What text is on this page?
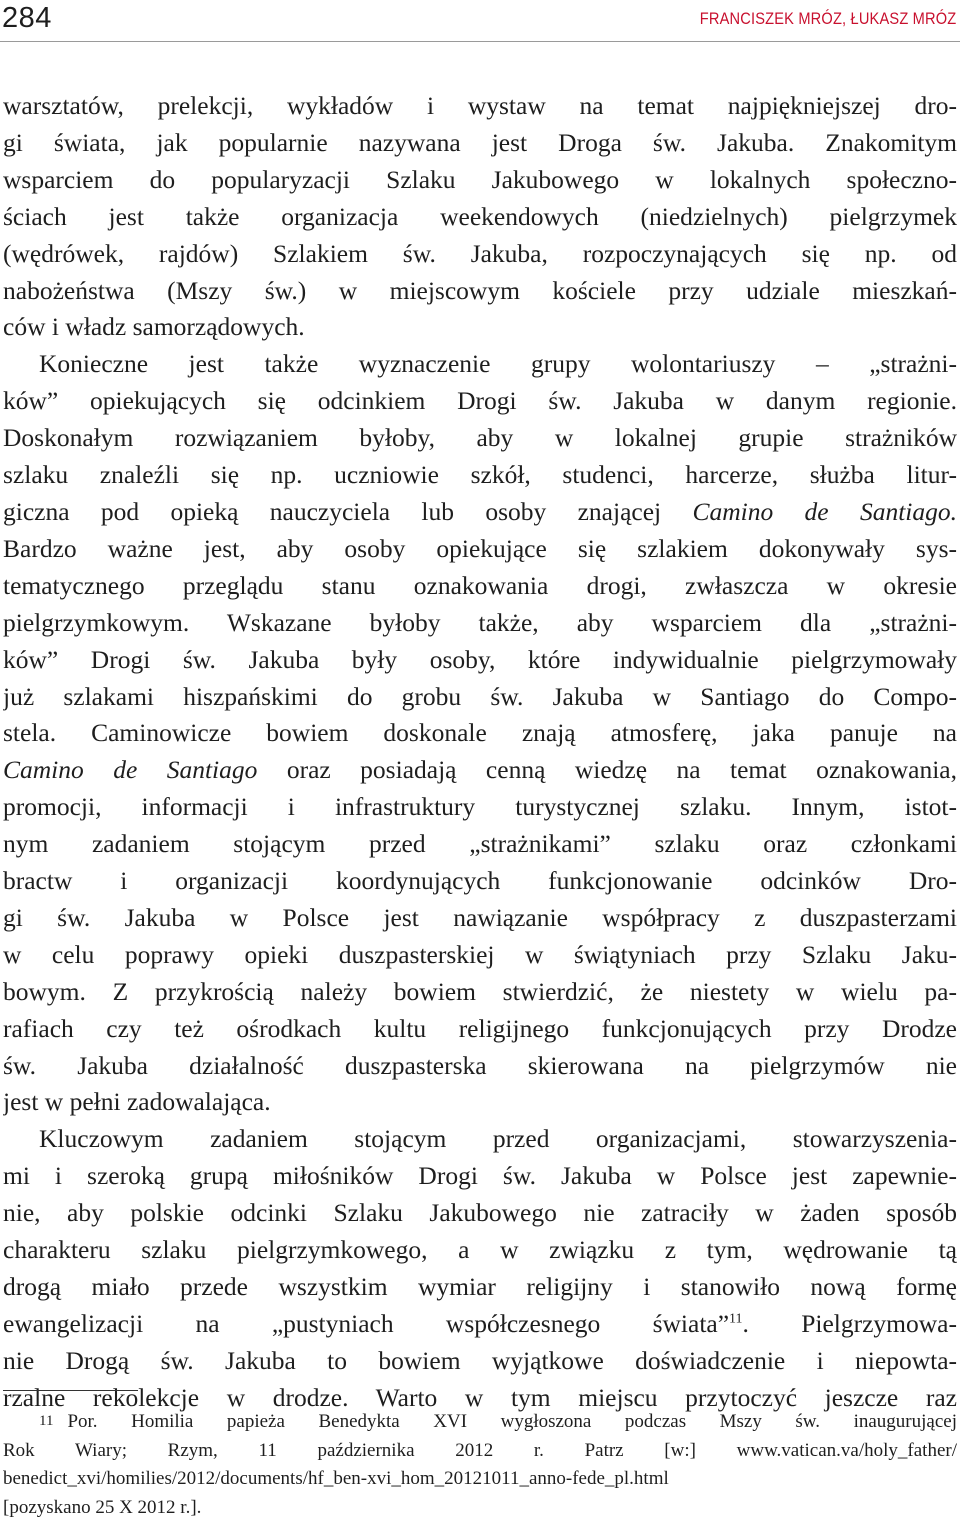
284	FRANCISZEK MRÓZ, ŁUKASZ MRÓZ
warsztatów, prelekcji, wykładów i wystaw na temat najpiękniejszej dro-
gi świata, jak popularnie nazywana jest Droga św. Jakuba. Znakomitym
wsparciem do popularyzacji Szlaku Jakubowego w lokalnych społeczno-
ściach jest także organizacja weekendowych (niedzielnych) pielgrzymek
(wędrówek, rajdów) Szlakiem św. Jakuba, rozpoczynających się np. od
nabożeństwa (Mszy św.) w miejscowym kościele przy udziale mieszkań-
ców i władz samorządowych.
Konieczne jest także wyznaczenie grupy wolontariuszy – „strażni-
ków” opiekujących się odcinkiem Drogi św. Jakuba w danym regionie.
Doskonałym rozwiązaniem byłoby, aby w lokalnej grupie strażników
szlaku znaleźli się np. uczniowie szkół, studenci, harcerze, służba litur-
giczna pod opieką nauczyciela lub osoby znającej Camino de Santiago.
Bardzo ważne jest, aby osoby opiekujące się szlakiem dokonywały sys-
tematycznego przeglądu stanu oznakowania drogi, zwłaszcza w okresie
pielgrzymkowym. Wskazane byłoby także, aby wsparciem dla „strażni-
ków” Drogi św. Jakuba były osoby, które indywidualnie pielgrzymowały
już szlakami hiszpańskimi do grobu św. Jakuba w Santiago do Compo-
stela. Caminowicze bowiem doskonale znają atmosferę, jaka panuje na
Camino de Santiago oraz posiadają cenną wiedzę na temat oznakowania,
promocji, informacji i infrastruktury turystycznej szlaku. Innym, istot-
nym zadaniem stojącym przed „strażnikami” szlaku oraz członkami
bractw i organizacji koordynujących funkcjonowanie odcinków Dro-
gi św. Jakuba w Polsce jest nawiązanie współpracy z duszpasterzami
w celu poprawy opieki duszpasterskiej w świątyniach przy Szlaku Jaku-
bowym. Z przykrością należy bowiem stwierdzić, że niestety w wielu pa-
rafiach czy też ośrodkach kultu religijnego funkcjonujących przy Drodze
św. Jakuba działalność duszpasterska skierowana na pielgrzymów nie
jest w pełni zadowalająca.
Kluczowym zadaniem stojącym przed organizacjami, stowarzyszenia-
mi i szeroką grupą miłośników Drogi św. Jakuba w Polsce jest zapewnie-
nie, aby polskie odcinki Szlaku Jakubowego nie zatraciły w żaden sposób
charakteru szlaku pielgrzymkowego, a w związku z tym, wędrowanie tą
drogą miało przede wszystkim wymiar religijny i stanowiło nową formę
ewangelizacji na „pustyniach współczesnego świata”$^{11}$. Pielgrzymowa-
nie Drogą św. Jakuba to bowiem wyjątkowe doświadczenie i niepowta-
rzalne rekolekcje w drodze. Warto w tym miejscu przytoczyć jeszcze raz
11 Por. Homilia papieża Benedykta XVI wygłoszona podczas Mszy św. inaugurującej
Rok Wiary; Rzym, 11 października 2012 r. Patrz [w:] www.vatican.va/holy_father/
benedict_xvi/homilies/2012/documents/hf_ben-xvi_hom_20121011_anno-fede_pl.html
[pozyskano 25 X 2012 r.].
